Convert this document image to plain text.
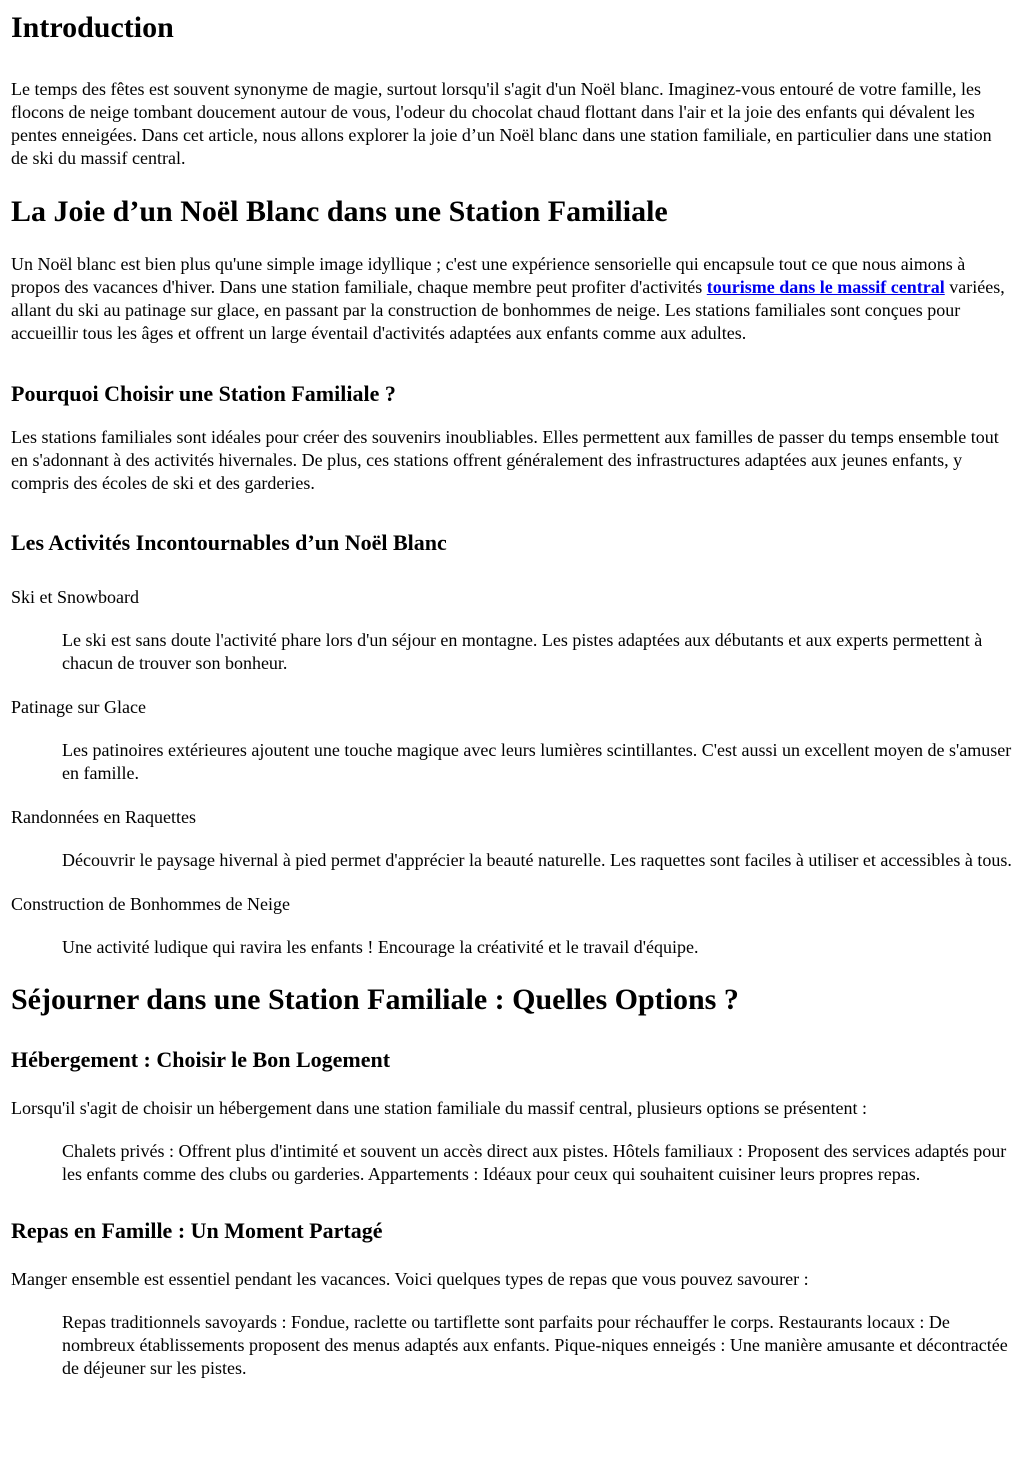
Introduction

Le temps des fêtes est souvent synonyme de magie, surtout lorsqu'il s'agit d'un Noël blanc. Imaginez-vous entouré de votre famille, les flocons de neige tombant doucement autour de vous, l'odeur du chocolat chaud flottant dans l'air et la joie des enfants qui dévalent les pentes enneigées. Dans cet article, nous allons explorer la joie d’un Noël blanc dans une station familiale, en particulier dans une station de ski du massif central.

La Joie d’un Noël Blanc dans une Station Familiale

Un Noël blanc est bien plus qu'une simple image idyllique ; c'est une expérience sensorielle qui encapsule tout ce que nous aimons à propos des vacances d'hiver. Dans une station familiale, chaque membre peut profiter d'activités tourisme dans le massif central variées, allant du ski au patinage sur glace, en passant par la construction de bonhommes de neige. Les stations familiales sont conçues pour accueillir tous les âges et offrent un large éventail d'activités adaptées aux enfants comme aux adultes.

Pourquoi Choisir une Station Familiale ?

Les stations familiales sont idéales pour créer des souvenirs inoubliables. Elles permettent aux familles de passer du temps ensemble tout en s'adonnant à des activités hivernales. De plus, ces stations offrent généralement des infrastructures adaptées aux jeunes enfants, y compris des écoles de ski et des garderies.

Les Activités Incontournables d’un Noël Blanc
Ski et Snowboard
Le ski est sans doute l'activité phare lors d'un séjour en montagne. Les pistes adaptées aux débutants et aux experts permettent à chacun de trouver son bonheur.
Patinage sur Glace
Les patinoires extérieures ajoutent une touche magique avec leurs lumières scintillantes. C'est aussi un excellent moyen de s'amuser en famille.
Randonnées en Raquettes
Découvrir le paysage hivernal à pied permet d'apprécier la beauté naturelle. Les raquettes sont faciles à utiliser et accessibles à tous.
Construction de Bonhommes de Neige
Une activité ludique qui ravira les enfants ! Encourage la créativité et le travail d'équipe.
Séjourner dans une Station Familiale : Quelles Options ?
Hébergement : Choisir le Bon Logement

Lorsqu'il s'agit de choisir un hébergement dans une station familiale du massif central, plusieurs options se présentent :

Chalets privés : Offrent plus d'intimité et souvent un accès direct aux pistes. Hôtels familiaux : Proposent des services adaptés pour les enfants comme des clubs ou garderies. Appartements : Idéaux pour ceux qui souhaitent cuisiner leurs propres repas.
Repas en Famille : Un Moment Partagé

Manger ensemble est essentiel pendant les vacances. Voici quelques types de repas que vous pouvez savourer :

Repas traditionnels savoyards : Fondue, raclette ou tartiflette sont parfaits pour réchauffer le corps. Restaurants locaux : De nombreux établissements proposent des menus adaptés aux enfants. Pique-niques enneigés : Une manière amusante et décontractée de déjeuner sur les pistes.
